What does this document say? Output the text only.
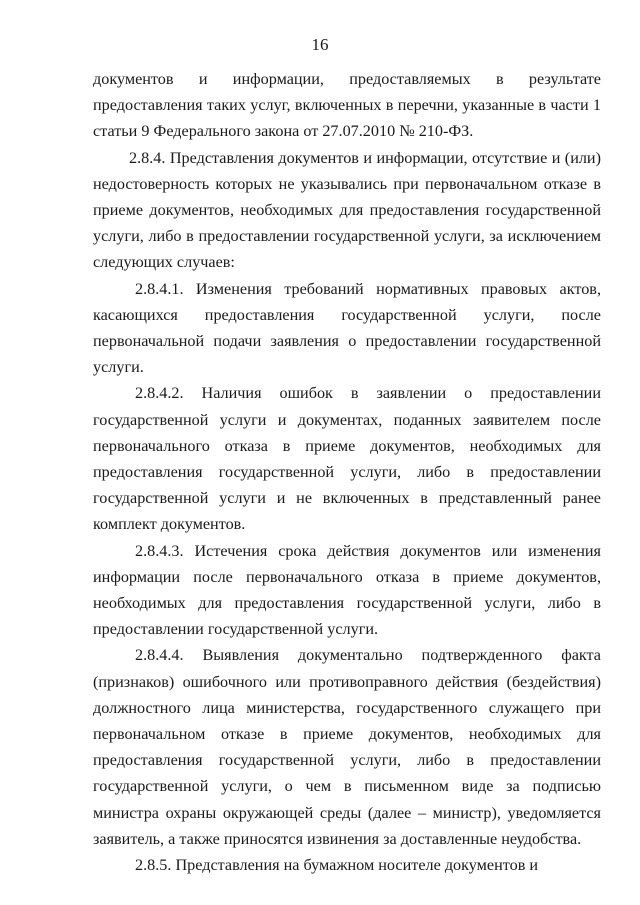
16

документов и информации, предоставляемых в результате предоставления таких услуг, включенных в перечни, указанные в части 1 статьи 9 Федерального закона от 27.07.2010 № 210-ФЗ.

2.8.4. Представления документов и информации, отсутствие и (или) недостоверность которых не указывались при первоначальном отказе в приеме документов, необходимых для предоставления государственной услуги, либо в предоставлении государственной услуги, за исключением следующих случаев:

2.8.4.1. Изменения требований нормативных правовых актов, касающихся предоставления государственной услуги, после первоначальной подачи заявления о предоставлении государственной услуги.

2.8.4.2. Наличия ошибок в заявлении о предоставлении государственной услуги и документах, поданных заявителем после первоначального отказа в приеме документов, необходимых для предоставления государственной услуги, либо в предоставлении государственной услуги и не включенных в представленный ранее комплект документов.

2.8.4.3. Истечения срока действия документов или изменения информации после первоначального отказа в приеме документов, необходимых для предоставления государственной услуги, либо в предоставлении государственной услуги.

2.8.4.4. Выявления документально подтвержденного факта (признаков) ошибочного или противоправного действия (бездействия) должностного лица министерства, государственного служащего при первоначальном отказе в приеме документов, необходимых для предоставления государственной услуги, либо в предоставлении государственной услуги, о чем в письменном виде за подписью министра охраны окружающей среды (далее – министр), уведомляется заявитель, а также приносятся извинения за доставленные неудобства.

2.8.5. Представления на бумажном носителе документов и
